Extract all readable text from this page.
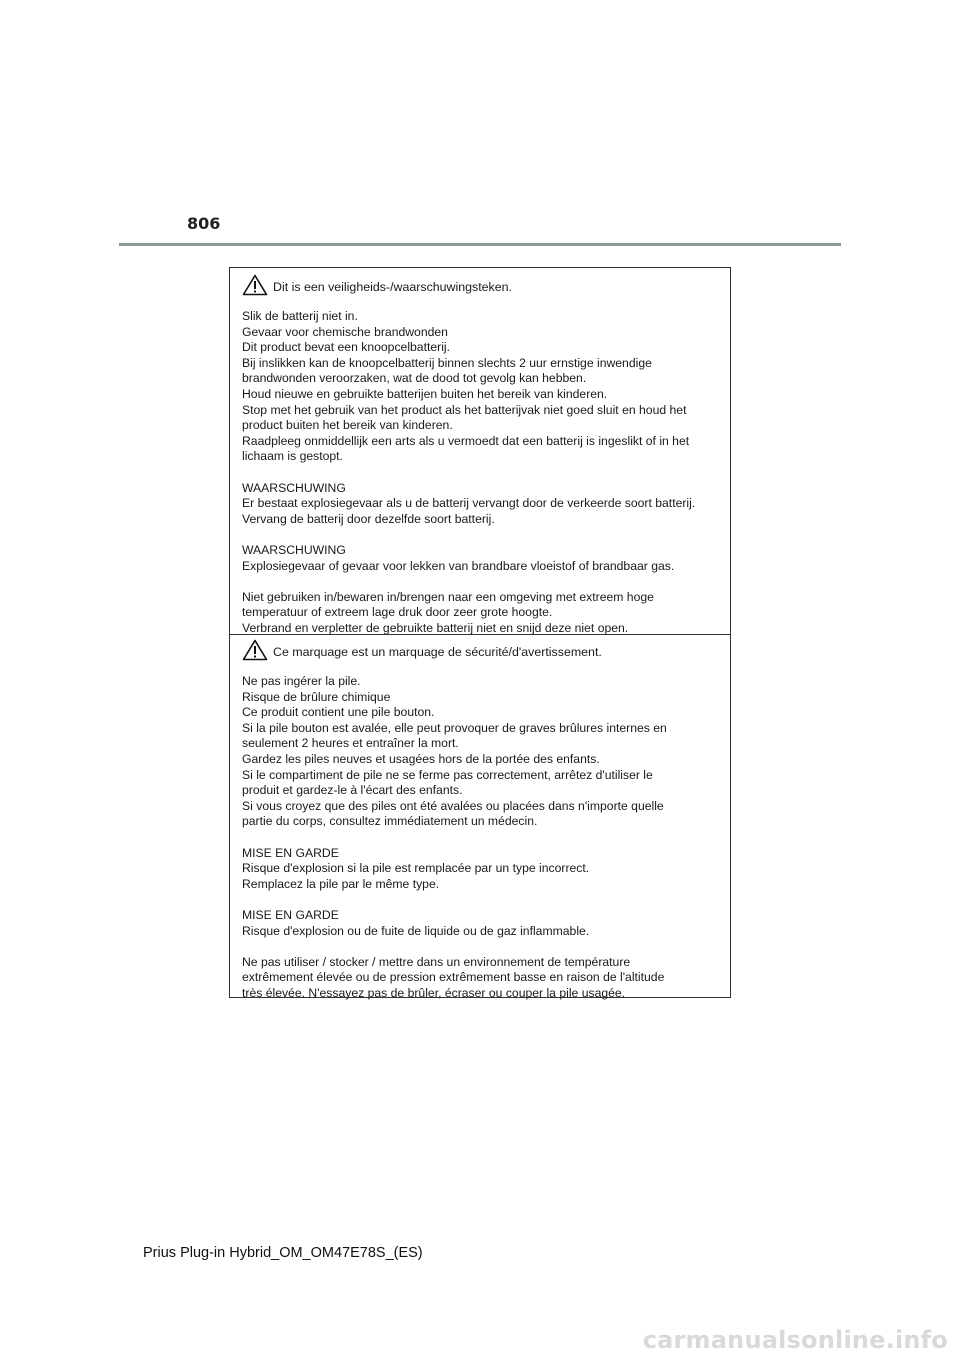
806
Dit is een veiligheids-/waarschuwingsteken.
Slik de batterij niet in.
Gevaar voor chemische brandwonden
Dit product bevat een knoopcelbatterij.
Bij inslikken kan de knoopcelbatterij binnen slechts 2 uur ernstige inwendige
brandwonden veroorzaken, wat de dood tot gevolg kan hebben.
Houd nieuwe en gebruikte batterijen buiten het bereik van kinderen.
Stop met het gebruik van het product als het batterijvak niet goed sluit en houd het
product buiten het bereik van kinderen.
Raadpleeg onmiddellijk een arts als u vermoedt dat een batterij is ingeslikt of in het
lichaam is gestopt.
WAARSCHUWING
Er bestaat explosiegevaar als u de batterij vervangt door de verkeerde soort batterij.
Vervang de batterij door dezelfde soort batterij.
WAARSCHUWING
Explosiegevaar of gevaar voor lekken van brandbare vloeistof of brandbaar gas.
Niet gebruiken in/bewaren in/brengen naar een omgeving met extreem hoge
temperatuur of extreem lage druk door zeer grote hoogte.
Verbrand en verpletter de gebruikte batterij niet en snijd deze niet open.
Ce marquage est un marquage de sécurité/d'avertissement.
Ne pas ingérer la pile.
Risque de brûlure chimique
Ce produit contient une pile bouton.
Si la pile bouton est avalée, elle peut provoquer de graves brûlures internes en
seulement 2 heures et entraîner la mort.
Gardez les piles neuves et usagées hors de la portée des enfants.
Si le compartiment de pile ne se ferme pas correctement, arrêtez d'utiliser le
produit et gardez-le à l'écart des enfants.
Si vous croyez que des piles ont été avalées ou placées dans n'importe quelle
partie du corps, consultez immédiatement un médecin.
MISE EN GARDE
Risque d'explosion si la pile est remplacée par un type incorrect.
Remplacez la pile par le même type.
MISE EN GARDE
Risque d'explosion ou de fuite de liquide ou de gaz inflammable.
Ne pas utiliser / stocker / mettre dans un environnement de température
extrêmement élevée ou de pression extrêmement basse en raison de l'altitude
très élevée. N'essayez pas de brûler, écraser ou couper la pile usagée.
Prius Plug-in Hybrid_OM_OM47E78S_(ES)
carmanualsonline.info
